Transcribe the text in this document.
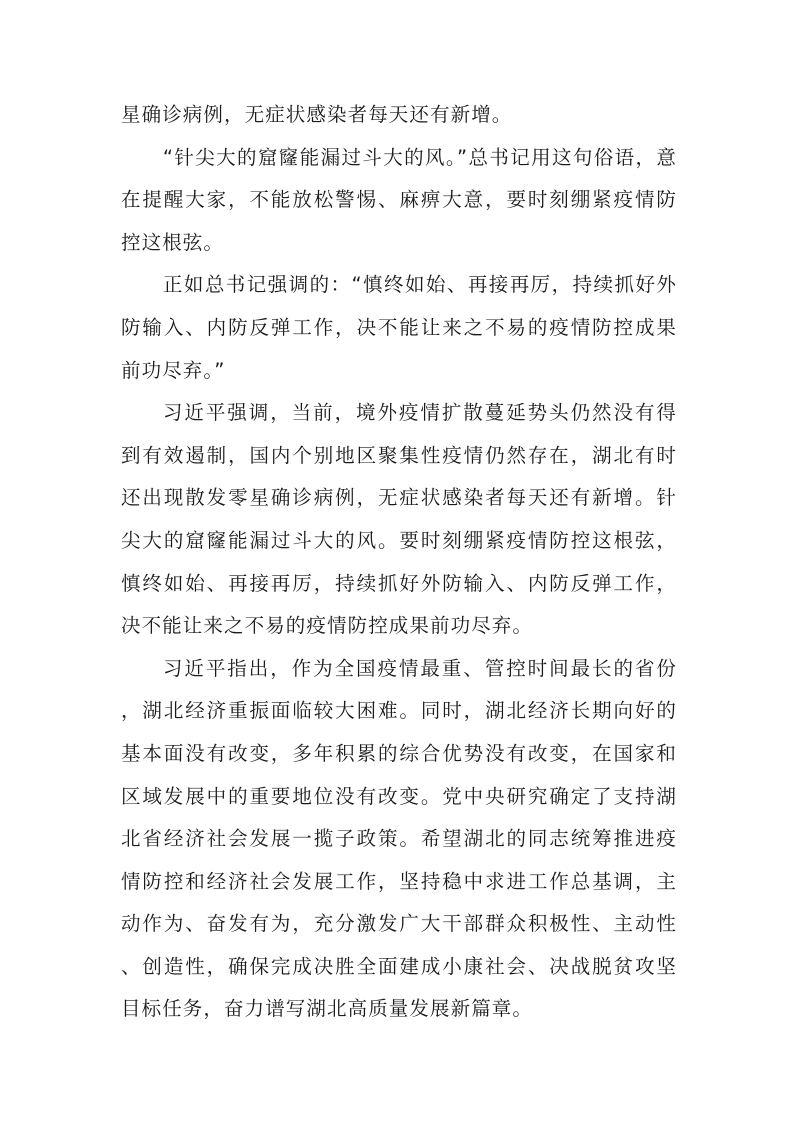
星确诊病例，无症状感染者每天还有新增。

“针尖大的窟窿能漏过斗大的风。”总书记用这句俗语，意在提醒大家，不能放松警惕、麻痹大意，要时刻绷紧疫情防控这根弦。

正如总书记强调的：“慎终如始、再接再厉，持续抓好外防输入、内防反弹工作，决不能让来之不易的疫情防控成果前功尽弃。”

习近平强调，当前，境外疫情扩散蔓延势头仍然没有得到有效遏制，国内个别地区聚集性疫情仍然存在，湖北有时还出现散发零星确诊病例，无症状感染者每天还有新增。针尖大的窟窿能漏过斗大的风。要时刻绷紧疫情防控这根弦，慎终如始、再接再厉，持续抓好外防输入、内防反弹工作，决不能让来之不易的疫情防控成果前功尽弃。

习近平指出，作为全国疫情最重、管控时间最长的省份，湖北经济重振面临较大困难。同时，湖北经济长期向好的基本面没有改变，多年积累的综合优势没有改变，在国家和区域发展中的重要地位没有改变。党中央研究确定了支持湖北省经济社会发展一揽子政策。希望湖北的同志统筹推进疫情防控和经济社会发展工作，坚持稳中求进工作总基调，主动作为、奋发有为，充分激发广大干部群众积极性、主动性、创造性，确保完成决胜全面建成小康社会、决战脱贫攻坚目标任务，奋力谱写湖北高质量发展新篇章。
